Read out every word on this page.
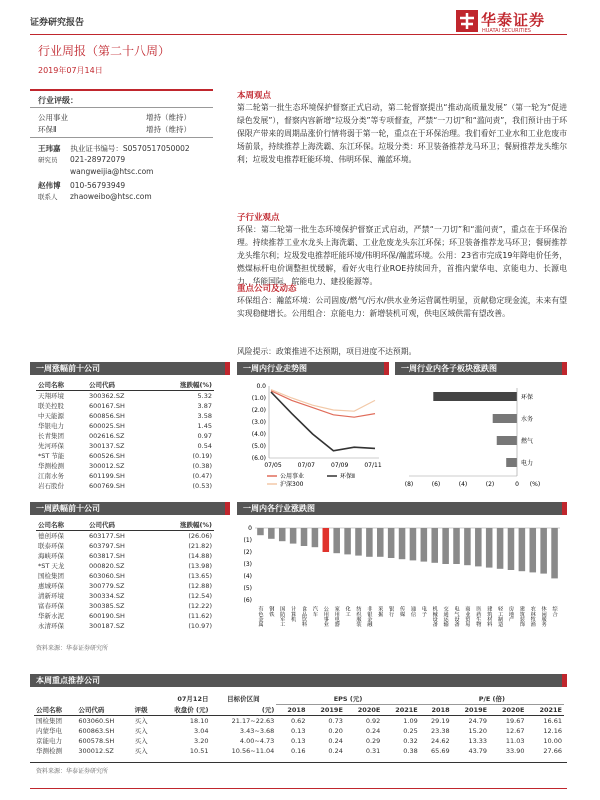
证券研究报告	华泰证券
HUATAI SECURITIES
行业周报（第二十八周）
2019年07月14日
行业评级：
公用事业	增持（维持）
环保Ⅱ	增持（维持）
王玮嘉 执业证书编号：S0570517050002
研究员 021-28972079
wangweijia@htsc.com
赵伟博 010-56793949
联系人 zhaoweibo@htsc.com
本周观点
第二轮第一批生态环境保护督察正式启动，第二轮督察提出“推动高质量发展”（第一轮为“促进绿色发展”），督察内容新增“垃圾分类”等专项督查，严禁“一刀切”和“滥问责”，我们预计由于环保限产带来的周期品涨价行情将弱于第一轮，重点在于环保治理。我们看好工业水和工业危废市场前景，持续推荐上海洗霸、东江环保。垃圾分类：环卫装备推荐龙马环卫；餐厨推荐龙头维尔利；垃圾发电推荐旺能环境、伟明环保、瀚蓝环境。
子行业观点
环保：第二轮第一批生态环境保护督察正式启动，严禁“一刀切”和“滥问责”，重点在于环保治理。持续推荐工业水龙头上海洗霸、工业危废龙头东江环保；环卫装备推荐龙马环卫；餐厨推荐龙头维尔利；垃圾发电推荐旺能环境/伟明环保/瀚蓝环境。公用：23省市完成19年降电价任务，燃煤标杆电价调整担忧缓解，看好火电行业ROE持续回升，首推内蒙华电、京能电力、长源电力、华能国际、皖能电力、建投能源等。
重点公司及动态
环保组合：瀚蓝环境：公司固废/燃气/污水/供水业务运营属性明显，贡献稳定现金流，未来有望实现稳健增长。公用组合：京能电力：新增装机可观，供电区域供需有望改善。
风险提示：政策推进不达预期，项目进度不达预期。
一周涨幅前十公司
公司名称	公司代码	涨跌幅(%)
天翔环境	300362.SZ	5.32
联美控股	600167.SH	3.87
中天能源	600856.SH	3.58
华银电力	600025.SH	1.45
长青集团	002616.SZ	0.97
先河环保	300137.SZ	0.54
*ST 节能	600526.SH	(0.19)
华测检测	300012.SZ	(0.38)
江南水务	601199.SH	(0.47)
岩石股份	600769.SH	(0.53)
一周跌幅前十公司
公司名称	公司代码	涨跌幅(%)
德创环保	603177.SH	(26.06)
联泰环保	603797.SH	(21.82)
海峡环保	603817.SH	(14.88)
*ST 天龙	000820.SZ	(13.98)
国检集团	603060.SH	(13.65)
惠城环保	300779.SZ	(12.88)
清新环境	300334.SZ	(12.54)
富春环保	300385.SZ	(12.22)
华新水泥	600190.SH	(11.62)
永清环保	300187.SZ	(10.97)
资料来源：华泰证券研究所
一周内行业走势图
0.0
(1.0)
(2.0)
(3.0)
(4.0)
(5.0)
(6.0)
07/05	07/07	07/09	07/11
公用事业
沪深300
环保Ⅱ
一周行业内各子板块涨跌图
环保
水务
燃气
电力
(8)	(6)	(4)	(2)	0 (%)
一周内各行业涨跌图
0
(1)
(2)
(3)
(4)
(5)
(6)
有色金属 钢铁 国防军工 计算机 食品饮料 汽车 公用事业 家用电器 化工 纺织服装 非银金融 采掘 银行 传媒 通信 电子 机械设备 交通运输 电气设备 商业贸易 医药生物 建筑材料 轻工制造 房地产 建筑装饰 农林牧渔 休闲服务 综合
本周重点推荐公司
			07月12日	目标价区间	EPS (元)				P/E (倍)			
公司名称	公司代码	评级	收盘价 (元)	(元)	2018	2019E	2020E	2021E	2018	2019E	2020E	2021E
国检集团	603060.SH	买入	18.10	21.17~22.63	0.62	0.73	0.92	1.09	29.19	24.79	19.67	16.61
内蒙华电	600863.SH	买入	3.04	3.43~3.68	0.13	0.20	0.24	0.25	23.38	15.20	12.67	12.16
京能电力	600578.SH	买入	3.20	4.00~4.73	0.13	0.24	0.29	0.32	24.62	13.33	11.03	10.00
华测检测	300012.SZ	买入	10.51	10.56~11.04	0.16	0.24	0.31	0.38	65.69	43.79	33.90	27.66
资料来源：华泰证券研究所
